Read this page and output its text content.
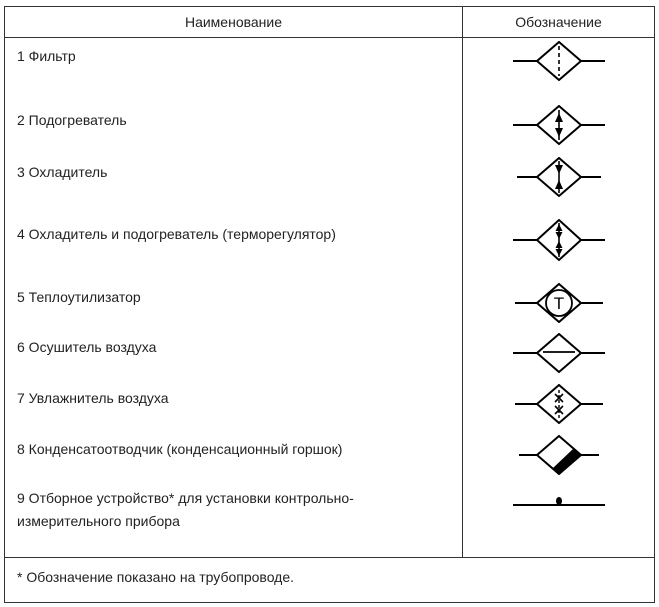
Наименование	Обозначение
1 Фильтр
2 Подогреватель
3 Охладитель
4 Охладитель и подогреватель (терморегулятор)
5 Теплоутилизатор	T
6 Осушитель воздуха
7 Увлажнитель воздуха
8 Конденсатоотводчик (конденсационный горшок)
9 Отборное устройство* для установки контрольно-
измерительного прибора
* Обозначение показано на трубопроводе.
